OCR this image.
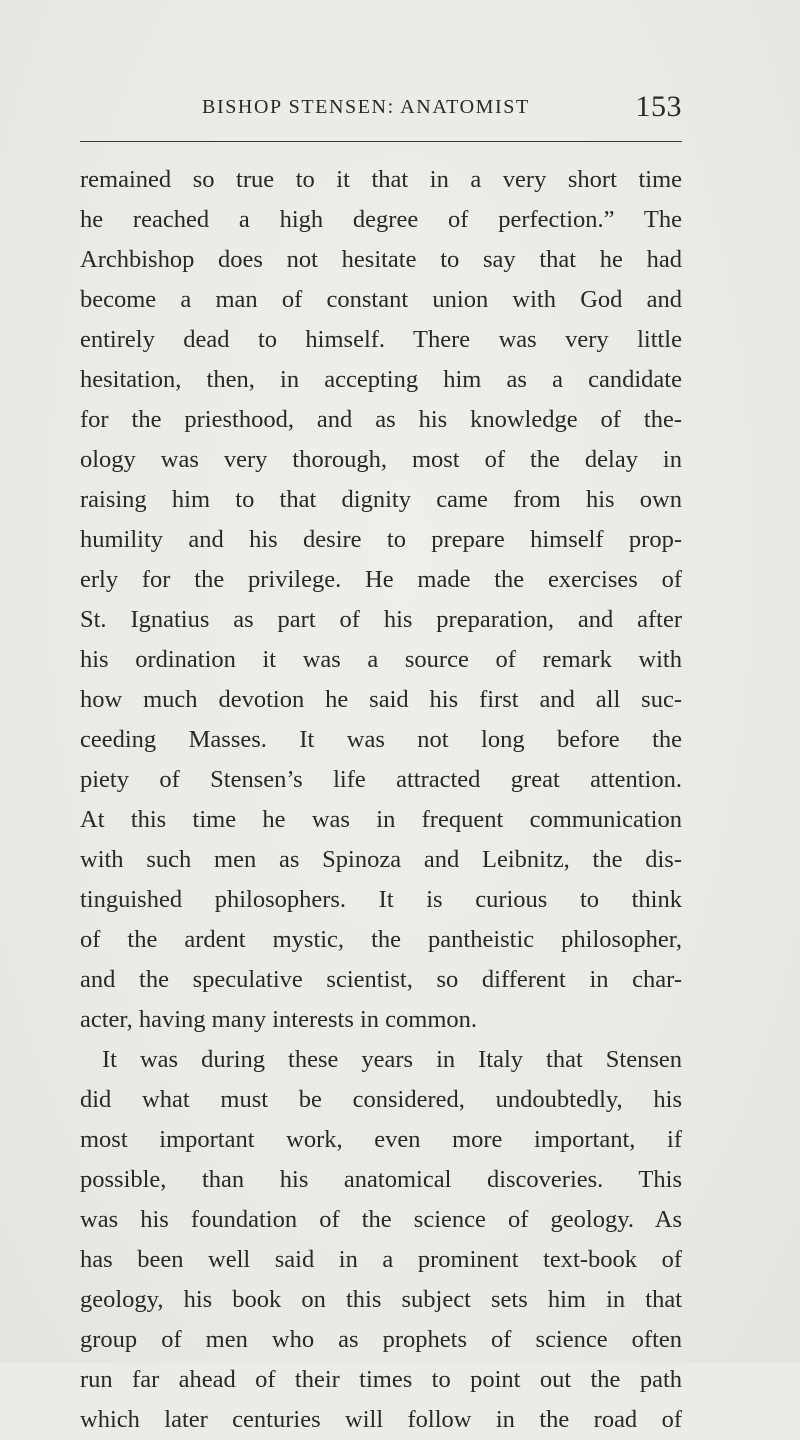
BISHOP STENSEN: ANATOMIST	153
remained so true to it that in a very short time
he reached a high degree of perfection.” The
Archbishop does not hesitate to say that he had
become a man of constant union with God and
entirely dead to himself. There was very little
hesitation, then, in accepting him as a candidate
for the priesthood, and as his knowledge of the-
ology was very thorough, most of the delay in
raising him to that dignity came from his own
humility and his desire to prepare himself prop-
erly for the privilege. He made the exercises of
St. Ignatius as part of his preparation, and after
his ordination it was a source of remark with
how much devotion he said his first and all suc-
ceeding Masses. It was not long before the
piety of Stensen’s life attracted great attention.
At this time he was in frequent communication
with such men as Spinoza and Leibnitz, the dis-
tinguished philosophers. It is curious to think
of the ardent mystic, the pantheistic philosopher,
and the speculative scientist, so different in char-
acter, having many interests in common.
It was during these years in Italy that Stensen
did what must be considered, undoubtedly, his
most important work, even more important, if
possible, than his anatomical discoveries. This
was his foundation of the science of geology. As
has been well said in a prominent text-book of
geology, his book on this subject sets him in that
group of men who as prophets of science often
run far ahead of their times to point out the path
which later centuries will follow in the road of
